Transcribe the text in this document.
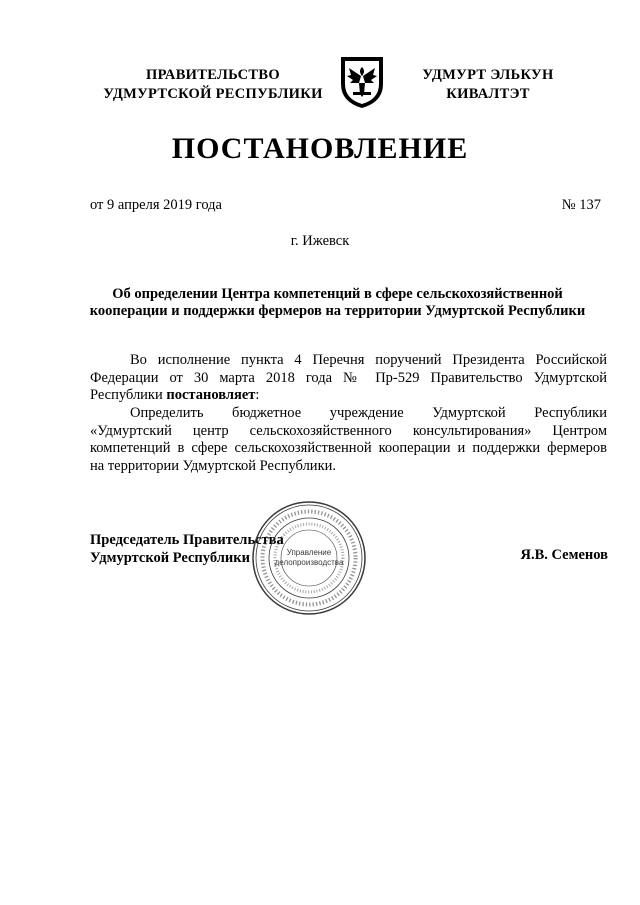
ПРАВИТЕЛЬСТВО
УДМУРТСКОЙ РЕСПУБЛИКИ
УДМУРТ ЭЛЬКУН
КИВАЛТЭТ
ПОСТАНОВЛЕНИЕ
от 9 апреля 2019 года	№ 137
г. Ижевск
Об определении Центра компетенций в сфере сельскохозяйственной
кооперации и поддержки фермеров на территории Удмуртской Республики
Во исполнение пункта 4 Перечня поручений Президента Российской
Федерации от 30 марта 2018 года № Пр-529 Правительство Удмуртской
Республики постановляет:
Определить бюджетное учреждение Удмуртской Республики
«Удмуртский центр сельскохозяйственного консультирования» Центром
компетенций в сфере сельскохозяйственной кооперации и поддержки фермеров
на территории Удмуртской Республики.
Председатель Правительства
Удмуртской Республики	Я.В. Семенов
Управление
делопроизводства
